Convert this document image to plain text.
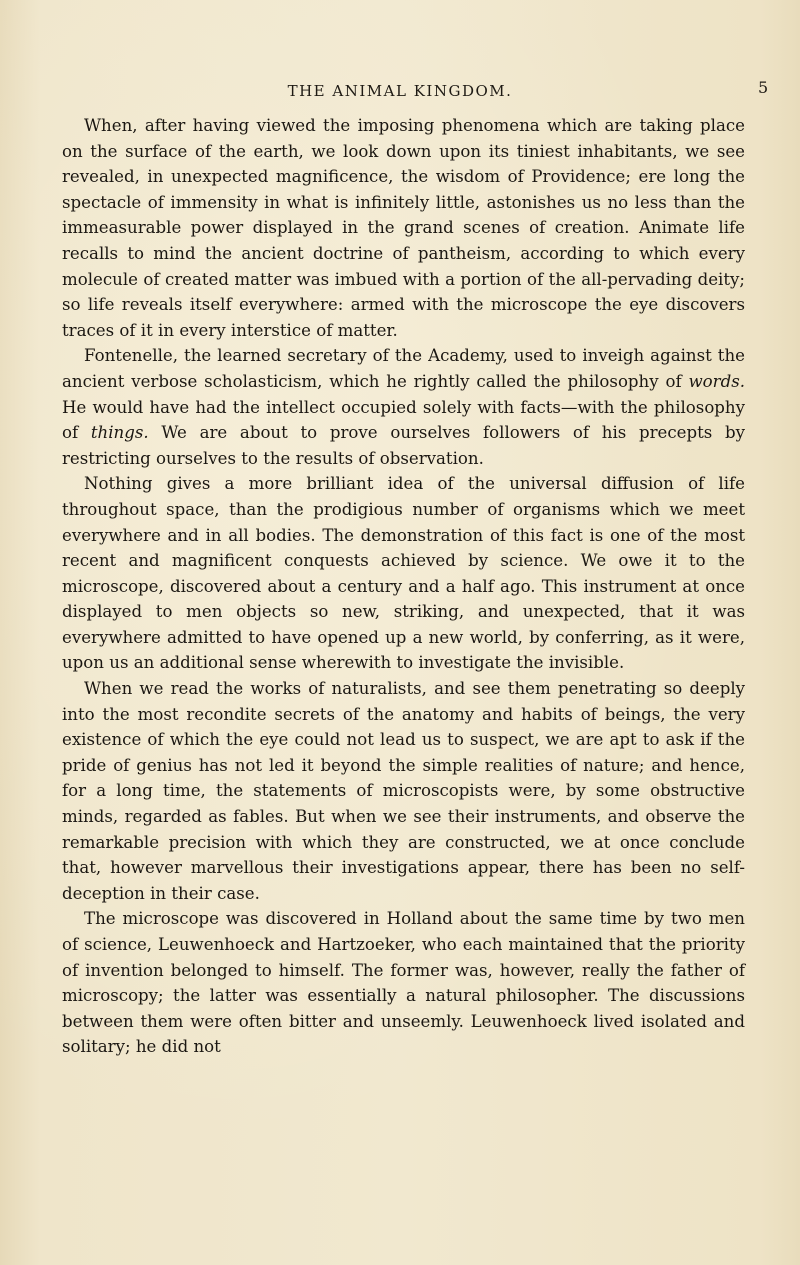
THE ANIMAL KINGDOM.	5

When, after having viewed the imposing phenomena which are taking place on the surface of the earth, we look down upon its tiniest inhabitants, we see revealed, in unexpected magnificence, the wisdom of Providence; ere long the spectacle of immensity in what is infinitely little, astonishes us no less than the immeasurable power displayed in the grand scenes of creation. Animate life recalls to mind the ancient doctrine of pantheism, according to which every molecule of created matter was imbued with a portion of the all-pervading deity; so life reveals itself everywhere: armed with the microscope the eye discovers traces of it in every interstice of matter.

Fontenelle, the learned secretary of the Academy, used to inveigh against the ancient verbose scholasticism, which he rightly called the philosophy of words. He would have had the intellect occupied solely with facts—with the philosophy of things. We are about to prove ourselves followers of his precepts by restricting ourselves to the results of observation.

Nothing gives a more brilliant idea of the universal diffusion of life throughout space, than the prodigious number of organisms which we meet everywhere and in all bodies. The demonstration of this fact is one of the most recent and magnificent conquests achieved by science. We owe it to the microscope, discovered about a century and a half ago. This instrument at once displayed to men objects so new, striking, and unexpected, that it was everywhere admitted to have opened up a new world, by conferring, as it were, upon us an additional sense wherewith to investigate the invisible.

When we read the works of naturalists, and see them penetrating so deeply into the most recondite secrets of the anatomy and habits of beings, the very existence of which the eye could not lead us to suspect, we are apt to ask if the pride of genius has not led it beyond the simple realities of nature; and hence, for a long time, the statements of microscopists were, by some obstructive minds, regarded as fables. But when we see their instruments, and observe the remarkable precision with which they are constructed, we at once conclude that, however marvellous their investigations appear, there has been no self-deception in their case.

The microscope was discovered in Holland about the same time by two men of science, Leuwenhoeck and Hartzoeker, who each maintained that the priority of invention belonged to himself. The former was, however, really the father of microscopy; the latter was essentially a natural philosopher. The discussions between them were often bitter and unseemly. Leuwenhoeck lived isolated and solitary; he did not
